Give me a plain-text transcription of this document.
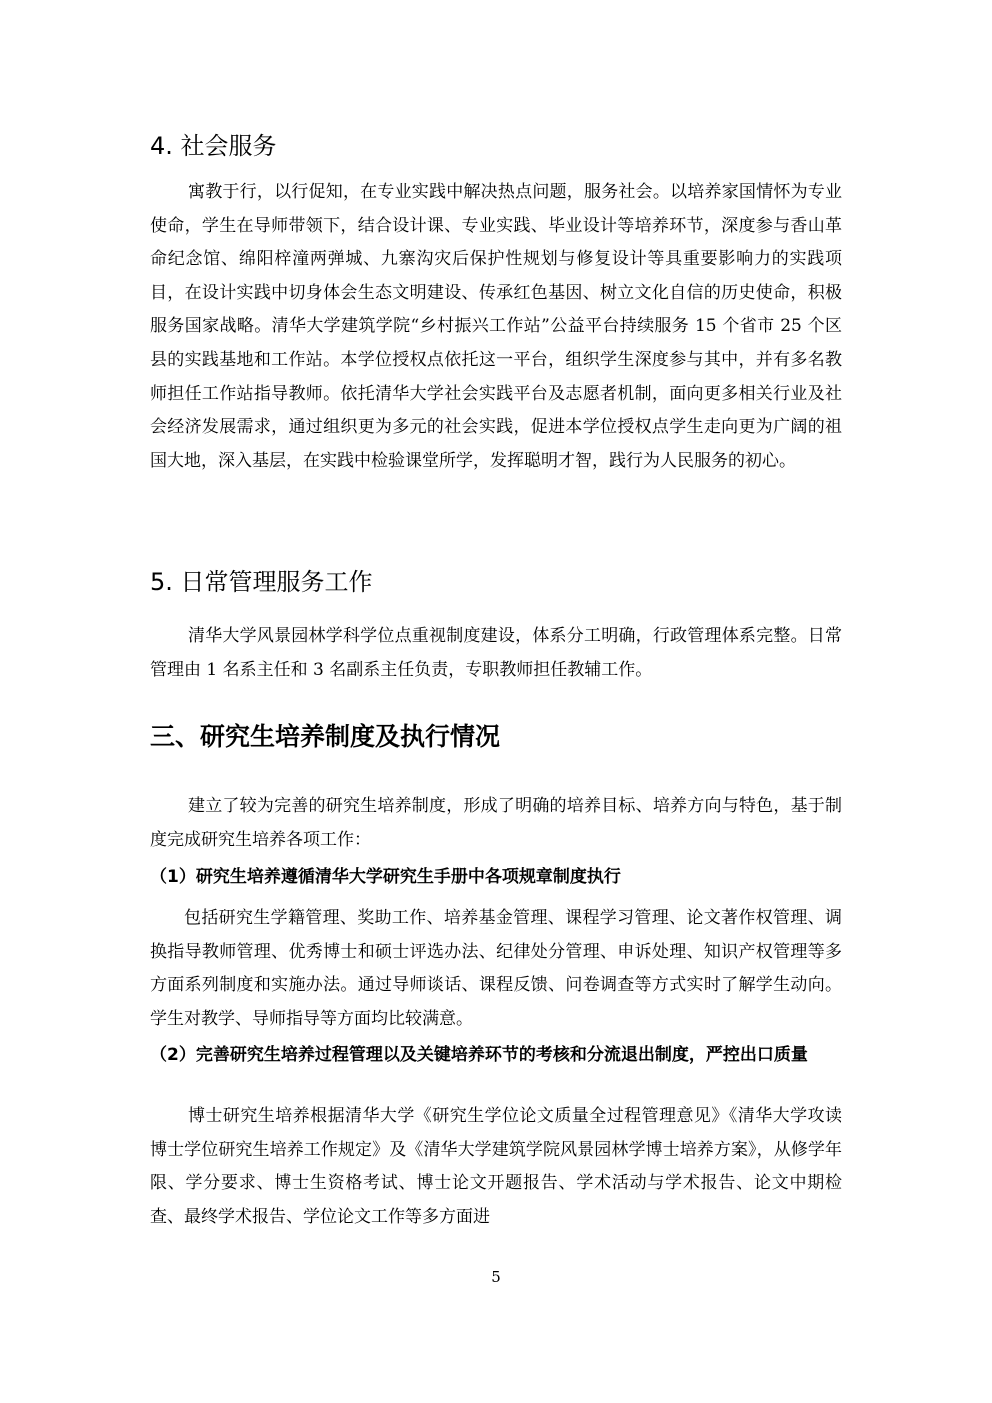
4. 社会服务

寓教于行，以行促知，在专业实践中解决热点问题，服务社会。以培养家国情怀为专业使命，学生在导师带领下，结合设计课、专业实践、毕业设计等培养环节，深度参与香山革命纪念馆、绵阳梓潼两弹城、九寨沟灾后保护性规划与修复设计等具重要影响力的实践项目，在设计实践中切身体会生态文明建设、传承红色基因、树立文化自信的历史使命，积极服务国家战略。清华大学建筑学院“乡村振兴工作站”公益平台持续服务 15 个省市 25 个区县的实践基地和工作站。本学位授权点依托这一平台，组织学生深度参与其中，并有多名教师担任工作站指导教师。依托清华大学社会实践平台及志愿者机制，面向更多相关行业及社会经济发展需求，通过组织更为多元的社会实践，促进本学位授权点学生走向更为广阔的祖国大地，深入基层，在实践中检验课堂所学，发挥聪明才智，践行为人民服务的初心。

5. 日常管理服务工作

清华大学风景园林学科学位点重视制度建设，体系分工明确，行政管理体系完整。日常管理由 1 名系主任和 3 名副系主任负责，专职教师担任教辅工作。

三、研究生培养制度及执行情况

建立了较为完善的研究生培养制度，形成了明确的培养目标、培养方向与特色，基于制度完成研究生培养各项工作：

（1）研究生培养遵循清华大学研究生手册中各项规章制度执行

包括研究生学籍管理、奖助工作、培养基金管理、课程学习管理、论文著作权管理、调换指导教师管理、优秀博士和硕士评选办法、纪律处分管理、申诉处理、知识产权管理等多方面系列制度和实施办法。通过导师谈话、课程反馈、问卷调查等方式实时了解学生动向。学生对教学、导师指导等方面均比较满意。

（2）完善研究生培养过程管理以及关键培养环节的考核和分流退出制度，严控出口质量

博士研究生培养根据清华大学《研究生学位论文质量全过程管理意见》《清华大学攻读博士学位研究生培养工作规定》及《清华大学建筑学院风景园林学博士培养方案》，从修学年限、学分要求、博士生资格考试、博士论文开题报告、学术活动与学术报告、论文中期检查、最终学术报告、学位论文工作等多方面进

5
